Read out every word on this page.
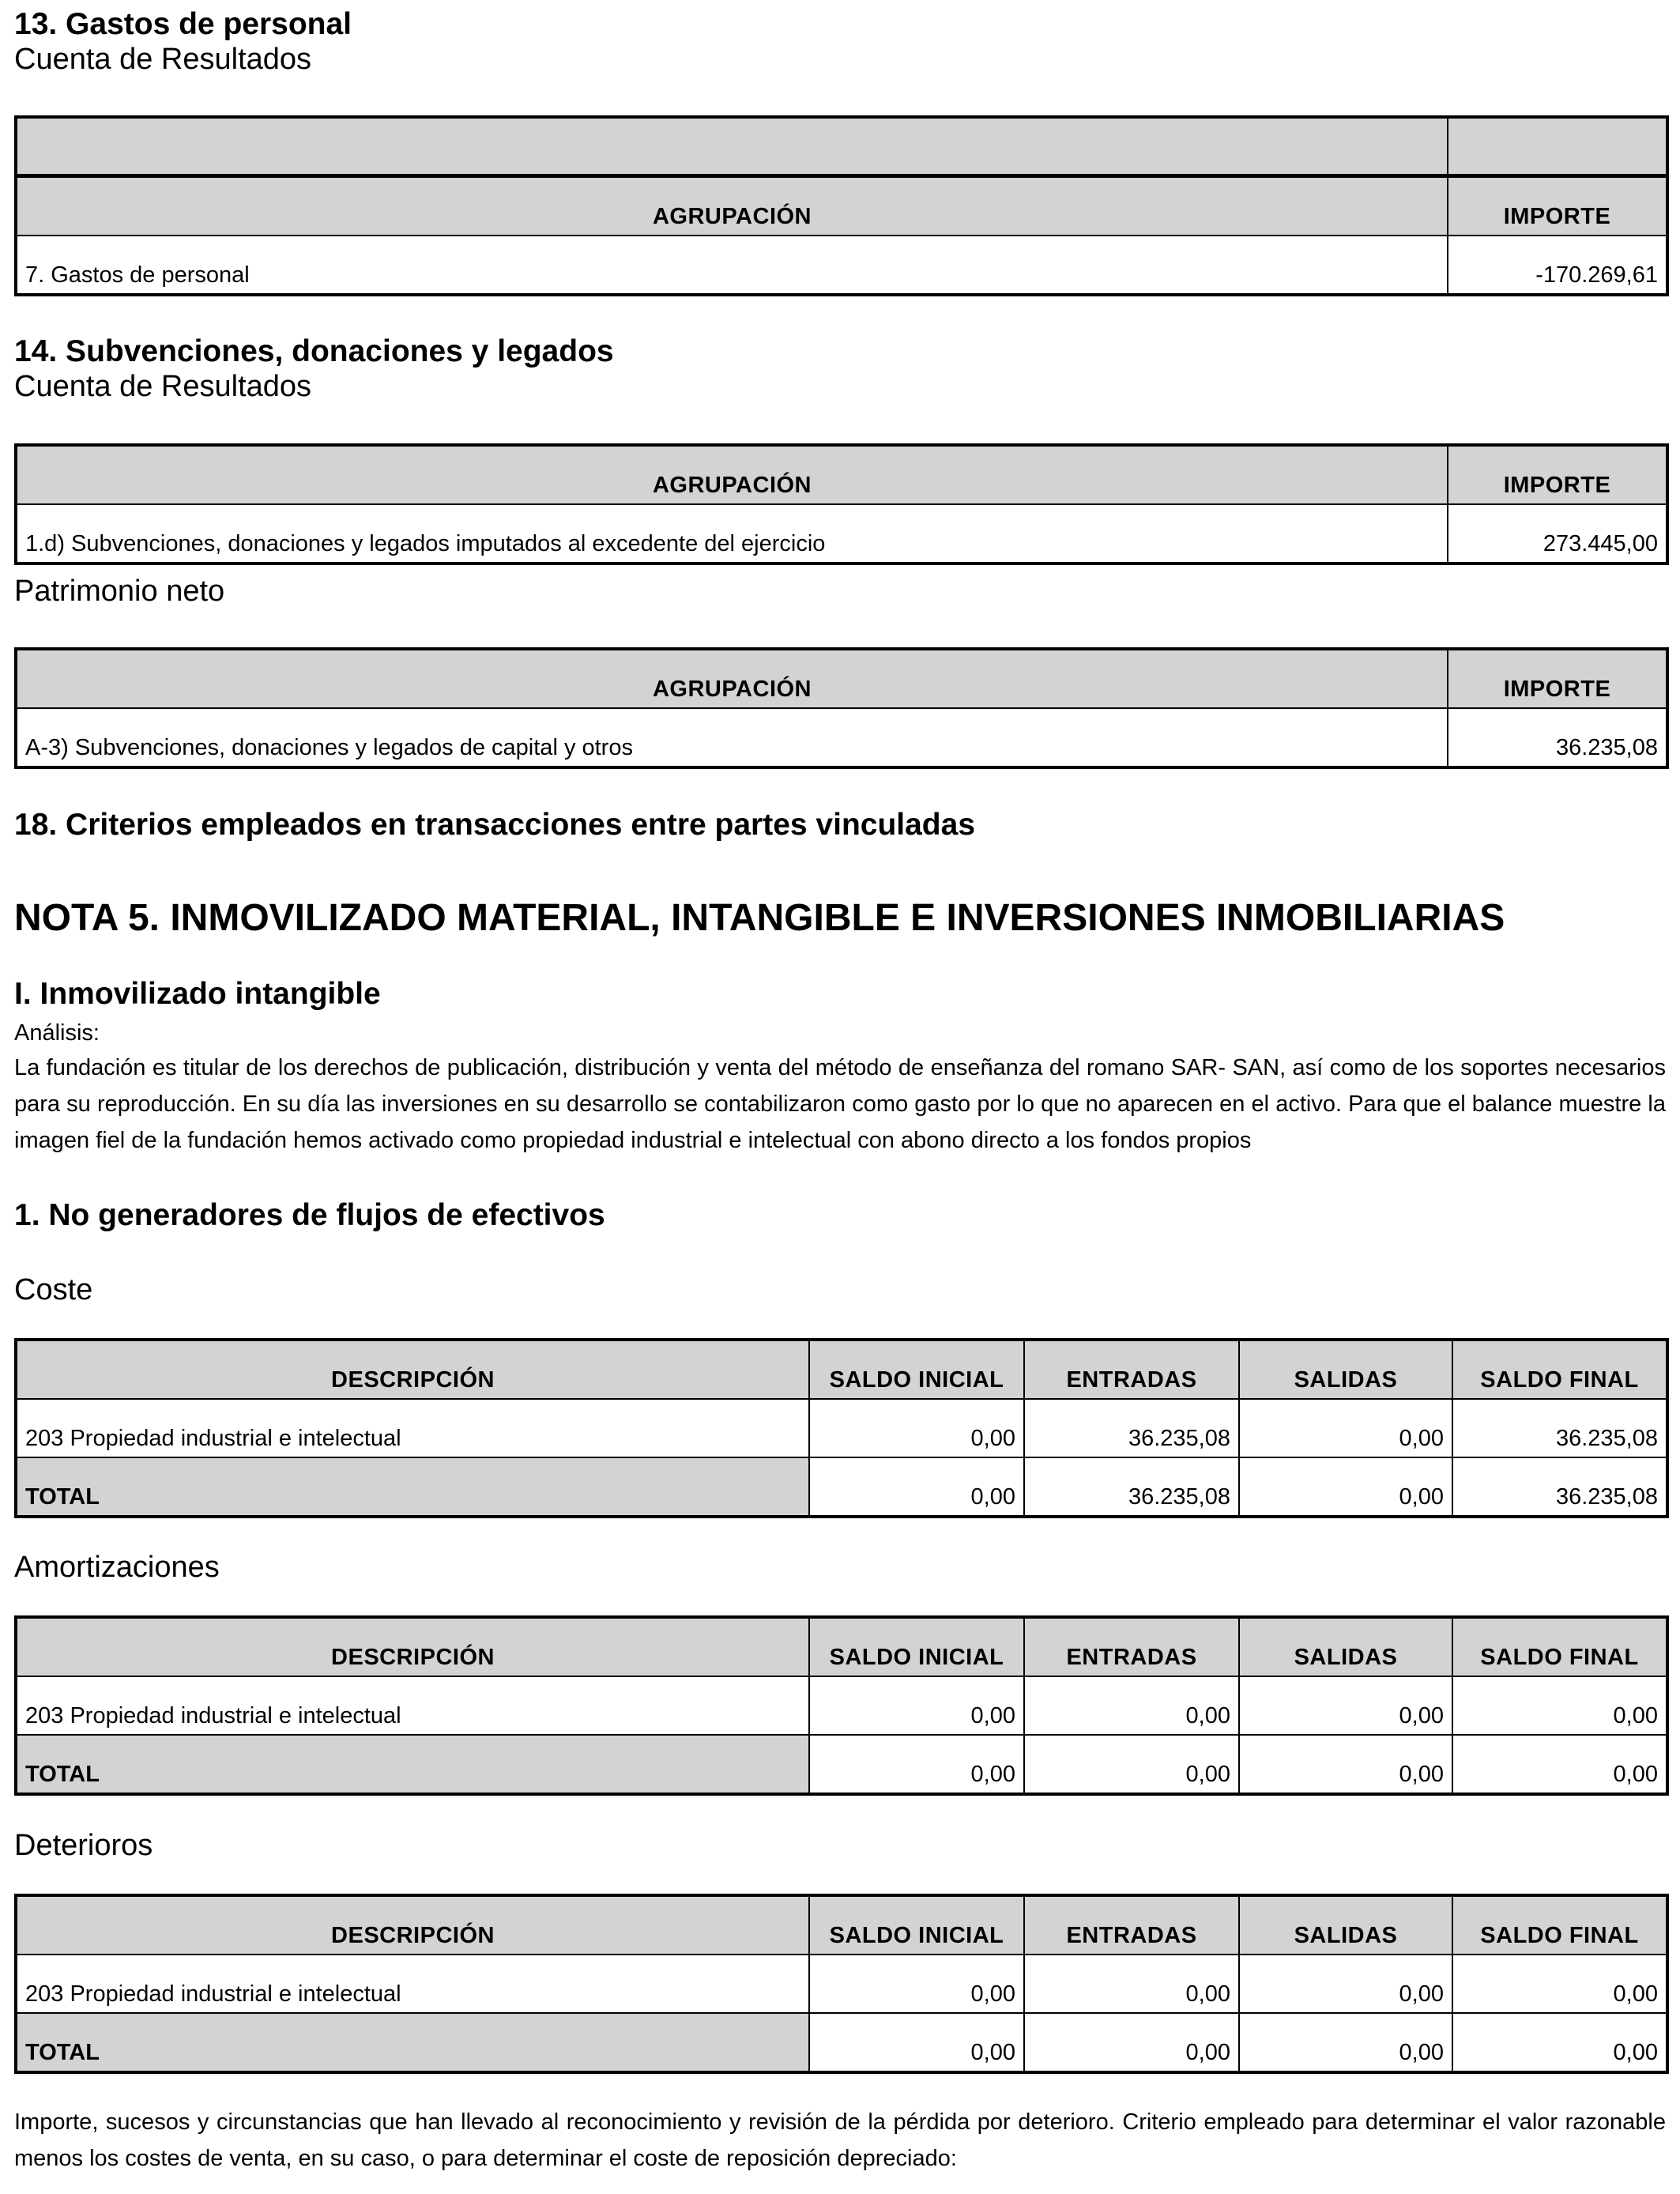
13. Gastos de personal
Cuenta de Resultados

AGRUPACIÓN	IMPORTE
7. Gastos de personal	-170.269,61
14. Subvenciones, donaciones y legados
Cuenta de Resultados
AGRUPACIÓN	IMPORTE
1.d) Subvenciones, donaciones y legados imputados al excedente del ejercicio	273.445,00
Patrimonio neto
AGRUPACIÓN	IMPORTE
A-3) Subvenciones, donaciones y legados de capital y otros	36.235,08
18. Criterios empleados en transacciones entre partes vinculadas
NOTA 5. INMOVILIZADO MATERIAL, INTANGIBLE E INVERSIONES INMOBILIARIAS
I. Inmovilizado intangible
Análisis:
La fundación es titular de los derechos de publicación, distribución y venta del método de enseñanza del romano SAR- SAN, así como de los soportes necesarios para su reproducción. En su día las inversiones en su desarrollo se contabilizaron como gasto por lo que no aparecen en el activo. Para que el balance muestre la imagen fiel de la fundación hemos activado como propiedad industrial e intelectual con abono directo a los fondos propios
1. No generadores de flujos de efectivos
Coste
DESCRIPCIÓN	SALDO INICIAL	ENTRADAS	SALIDAS	SALDO FINAL
203 Propiedad industrial e intelectual	0,00	36.235,08	0,00	36.235,08
TOTAL	0,00	36.235,08	0,00	36.235,08
Amortizaciones
DESCRIPCIÓN	SALDO INICIAL	ENTRADAS	SALIDAS	SALDO FINAL
203 Propiedad industrial e intelectual	0,00	0,00	0,00	0,00
TOTAL	0,00	0,00	0,00	0,00
Deterioros
DESCRIPCIÓN	SALDO INICIAL	ENTRADAS	SALIDAS	SALDO FINAL
203 Propiedad industrial e intelectual	0,00	0,00	0,00	0,00
TOTAL	0,00	0,00	0,00	0,00
Importe, sucesos y circunstancias que han llevado al reconocimiento y revisión de la pérdida por deterioro. Criterio empleado para determinar el valor razonable menos los costes de venta, en su caso, o para determinar el coste de reposición depreciado:
